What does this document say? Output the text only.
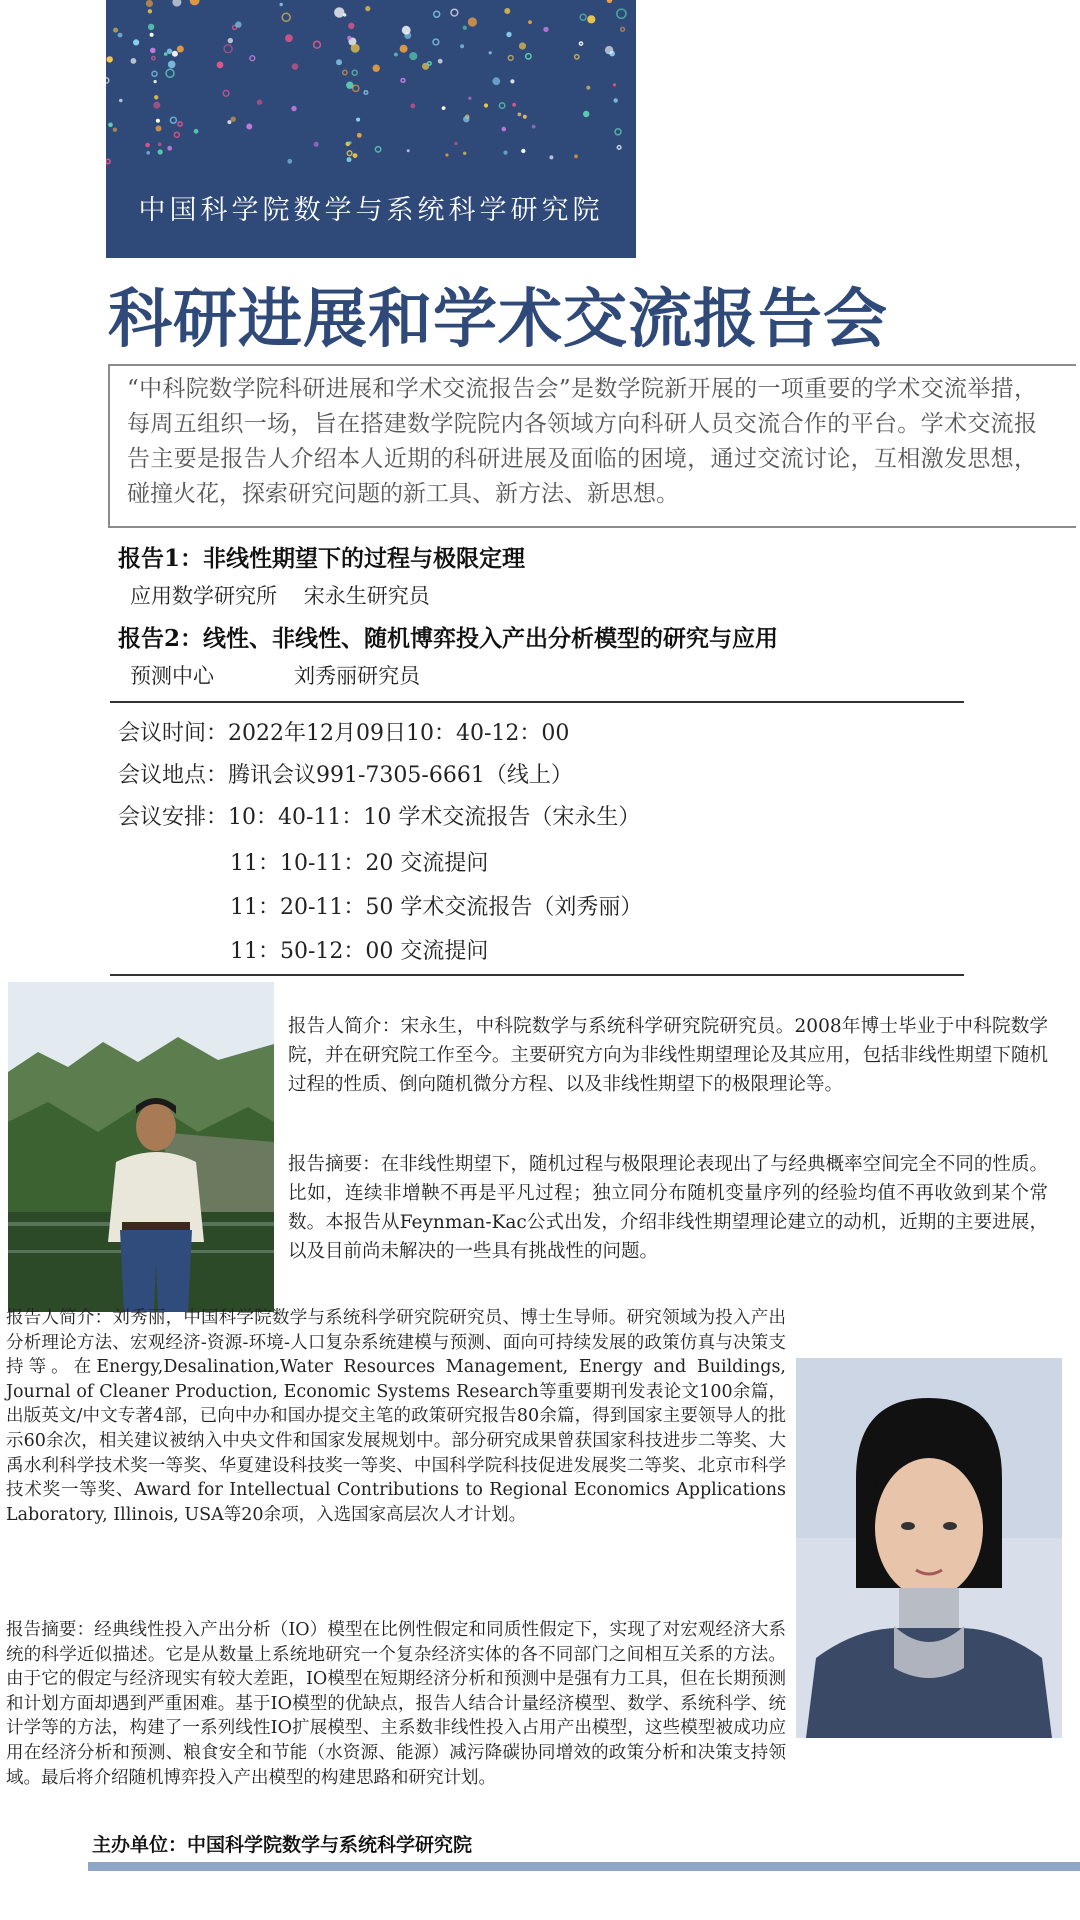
中国科学院数学与系统科学研究院
科研进展和学术交流报告会
“中科院数学院科研进展和学术交流报告会”是数学院新开展的一项重要的学术交流举措，每周五组织一场，旨在搭建数学院院内各领域方向科研人员交流合作的平台。学术交流报告主要是报告人介绍本人近期的科研进展及面临的困境，通过交流讨论，互相激发思想，碰撞火花，探索研究问题的新工具、新方法、新思想。
报告1：非线性期望下的过程与极限定理
应用数学研究所    宋永生研究员
报告2：线性、非线性、随机博弈投入产出分析模型的研究与应用
预测中心            刘秀丽研究员
会议时间：2022年12月09日10：40-12：00
会议地点：腾讯会议991-7305-6661（线上）
会议安排： 10：40-11：10 学术交流报告（宋永生）
11：10-11：20 交流提问
11：20-11：50 学术交流报告（刘秀丽）
11：50-12：00 交流提问
报告人简介：宋永生，中科院数学与系统科学研究院研究员。2008年博士毕业于中科院数学院，并在研究院工作至今。主要研究方向为非线性期望理论及其应用，包括非线性期望下随机过程的性质、倒向随机微分方程、以及非线性期望下的极限理论等。
报告摘要：在非线性期望下，随机过程与极限理论表现出了与经典概率空间完全不同的性质。比如，连续非增鞅不再是平凡过程；独立同分布随机变量序列的经验均值不再收敛到某个常数。本报告从Feynman-Kac公式出发，介绍非线性期望理论建立的动机，近期的主要进展，以及目前尚未解决的一些具有挑战性的问题。
报告人简介：刘秀丽，中国科学院数学与系统科学研究院研究员、博士生导师。研究领域为投入产出分析理论方法、宏观经济-资源-环境-人口复杂系统建模与预测、面向可持续发展的政策仿真与决策支持等。在Energy,Desalination,Water Resources Management, Energy and Buildings, Journal of Cleaner Production, Economic Systems Research等重要期刊发表论文100余篇，出版英文/中文专著4部，已向中办和国办提交主笔的政策研究报告80余篇，得到国家主要领导人的批示60余次，相关建议被纳入中央文件和国家发展规划中。部分研究成果曾获国家科技进步二等奖、大禹水利科学技术奖一等奖、华夏建设科技奖一等奖、中国科学院科技促进发展奖二等奖、北京市科学技术奖一等奖、Award for Intellectual Contributions to Regional Economics Applications Laboratory, Illinois, USA等20余项，入选国家高层次人才计划。
报告摘要：经典线性投入产出分析（IO）模型在比例性假定和同质性假定下，实现了对宏观经济大系统的科学近似描述。它是从数量上系统地研究一个复杂经济实体的各不同部门之间相互关系的方法。由于它的假定与经济现实有较大差距，IO模型在短期经济分析和预测中是强有力工具，但在长期预测和计划方面却遇到严重困难。基于IO模型的优缺点，报告人结合计量经济模型、数学、系统科学、统计学等的方法，构建了一系列线性IO扩展模型、主系数非线性投入占用产出模型，这些模型被成功应用在经济分析和预测、粮食安全和节能（水资源、能源）减污降碳协同增效的政策分析和决策支持领域。最后将介绍随机博弈投入产出模型的构建思路和研究计划。
主办单位：中国科学院数学与系统科学研究院
